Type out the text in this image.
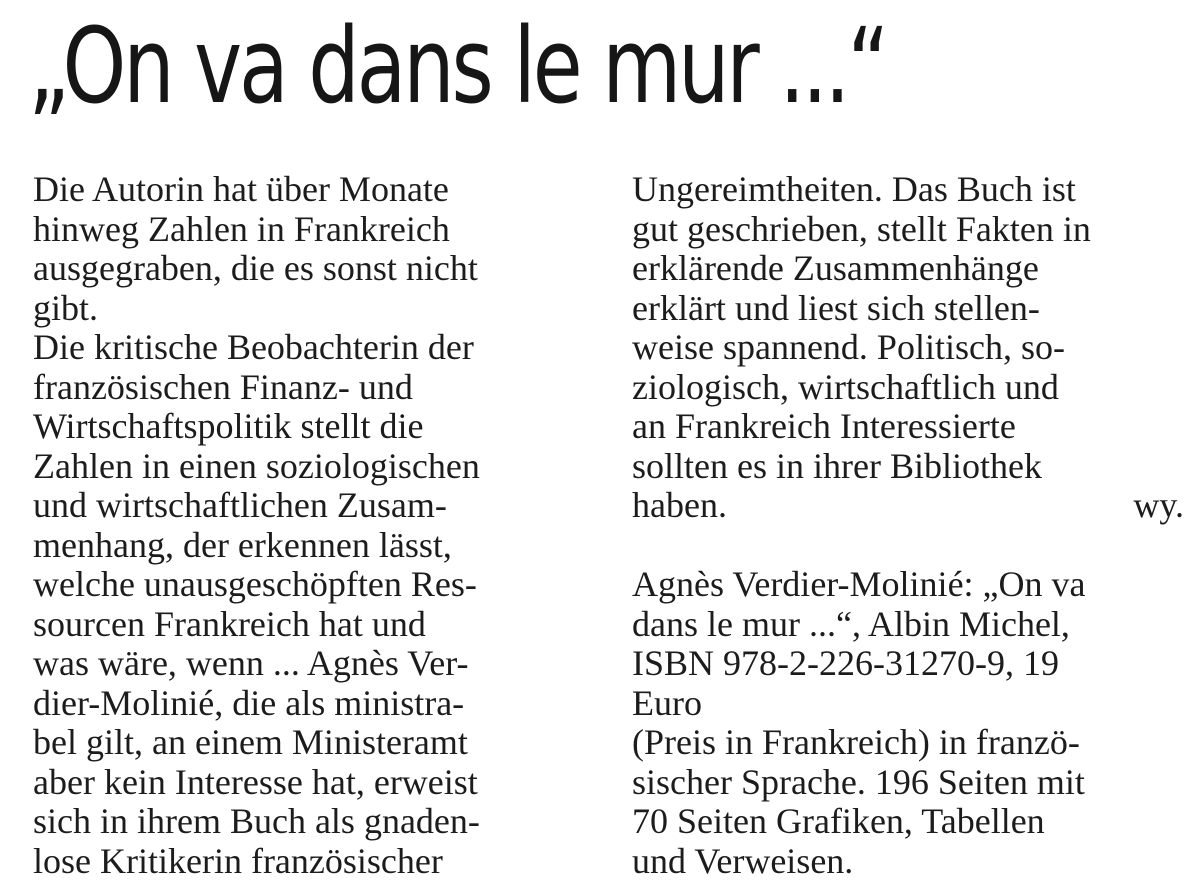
„On va dans le mur ...“
Die Autorin hat über Monate
hinweg Zahlen in Frankreich
ausgegraben, die es sonst nicht
gibt.
Die kritische Beobachterin der
französischen Finanz- und
Wirtschaftspolitik stellt die
Zahlen in einen soziologischen
und wirtschaftlichen Zusam-
menhang, der erkennen lässt,
welche unausgeschöpften Res-
sourcen Frankreich hat und
was wäre, wenn ... Agnès Ver-
dier-Molinié, die als ministra-
bel gilt, an einem Ministeramt
aber kein Interesse hat, erweist
sich in ihrem Buch als gnaden-
lose Kritikerin französischer
Ungereimtheiten. Das Buch ist
gut geschrieben, stellt Fakten in
erklärende Zusammenhänge
erklärt und liest sich stellen-
weise spannend. Politisch, so-
ziologisch, wirtschaftlich und
an Frankreich Interessierte
sollten es in ihrer Bibliothek
haben.	wy.
Agnès Verdier-Molinié: „On va
dans le mur ...“, Albin Michel,
ISBN 978-2-226-31270-9, 19
Euro
(Preis in Frankreich) in franzö-
sischer Sprache. 196 Seiten mit
70 Seiten Grafiken, Tabellen
und Verweisen.
